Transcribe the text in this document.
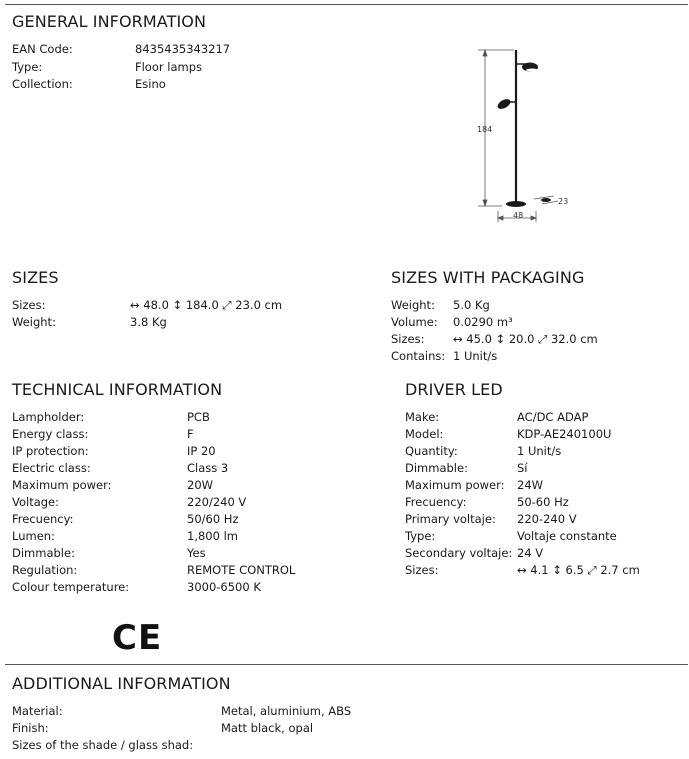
GENERAL INFORMATION
EAN Code:	8435435343217
Type:	Floor lamps
Collection:	Esino
184
48
23
SIZES
Sizes:	↔ 48.0 ↕ 184.0 ⤢ 23.0 cm
Weight:	3.8 Kg
SIZES WITH PACKAGING
Weight: 5.0 Kg
Volume: 0.0290 m³
Sizes: ↔ 45.0 ↕ 20.0 ⤢ 32.0 cm
Contains: 1 Unit/s
TECHNICAL INFORMATION
Lampholder:	PCB
Energy class:	F
IP protection:	IP 20
Electric class:	Class 3
Maximum power:	20W
Voltage:	220/240 V
Frecuency:	50/60 Hz
Lumen:	1,800 lm
Dimmable:	Yes
Regulation:	REMOTE CONTROL
Colour temperature:	3000-6500 K
DRIVER LED
Make:	AC/DC ADAP
Model:	KDP-AE240100U
Quantity:	1 Unit/s
Dimmable:	Sí
Maximum power: 24W
Frecuency:	50-60 Hz
Primary voltaje: 220-240 V
Type:	Voltaje constante
Secondary voltaje: 24 V
Sizes:	↔ 4.1 ↕ 6.5 ⤢ 2.7 cm
CE
ADDITIONAL INFORMATION
Material:	Metal, aluminium, ABS
Finish:	Matt black, opal
Sizes of the shade / glass shad:
